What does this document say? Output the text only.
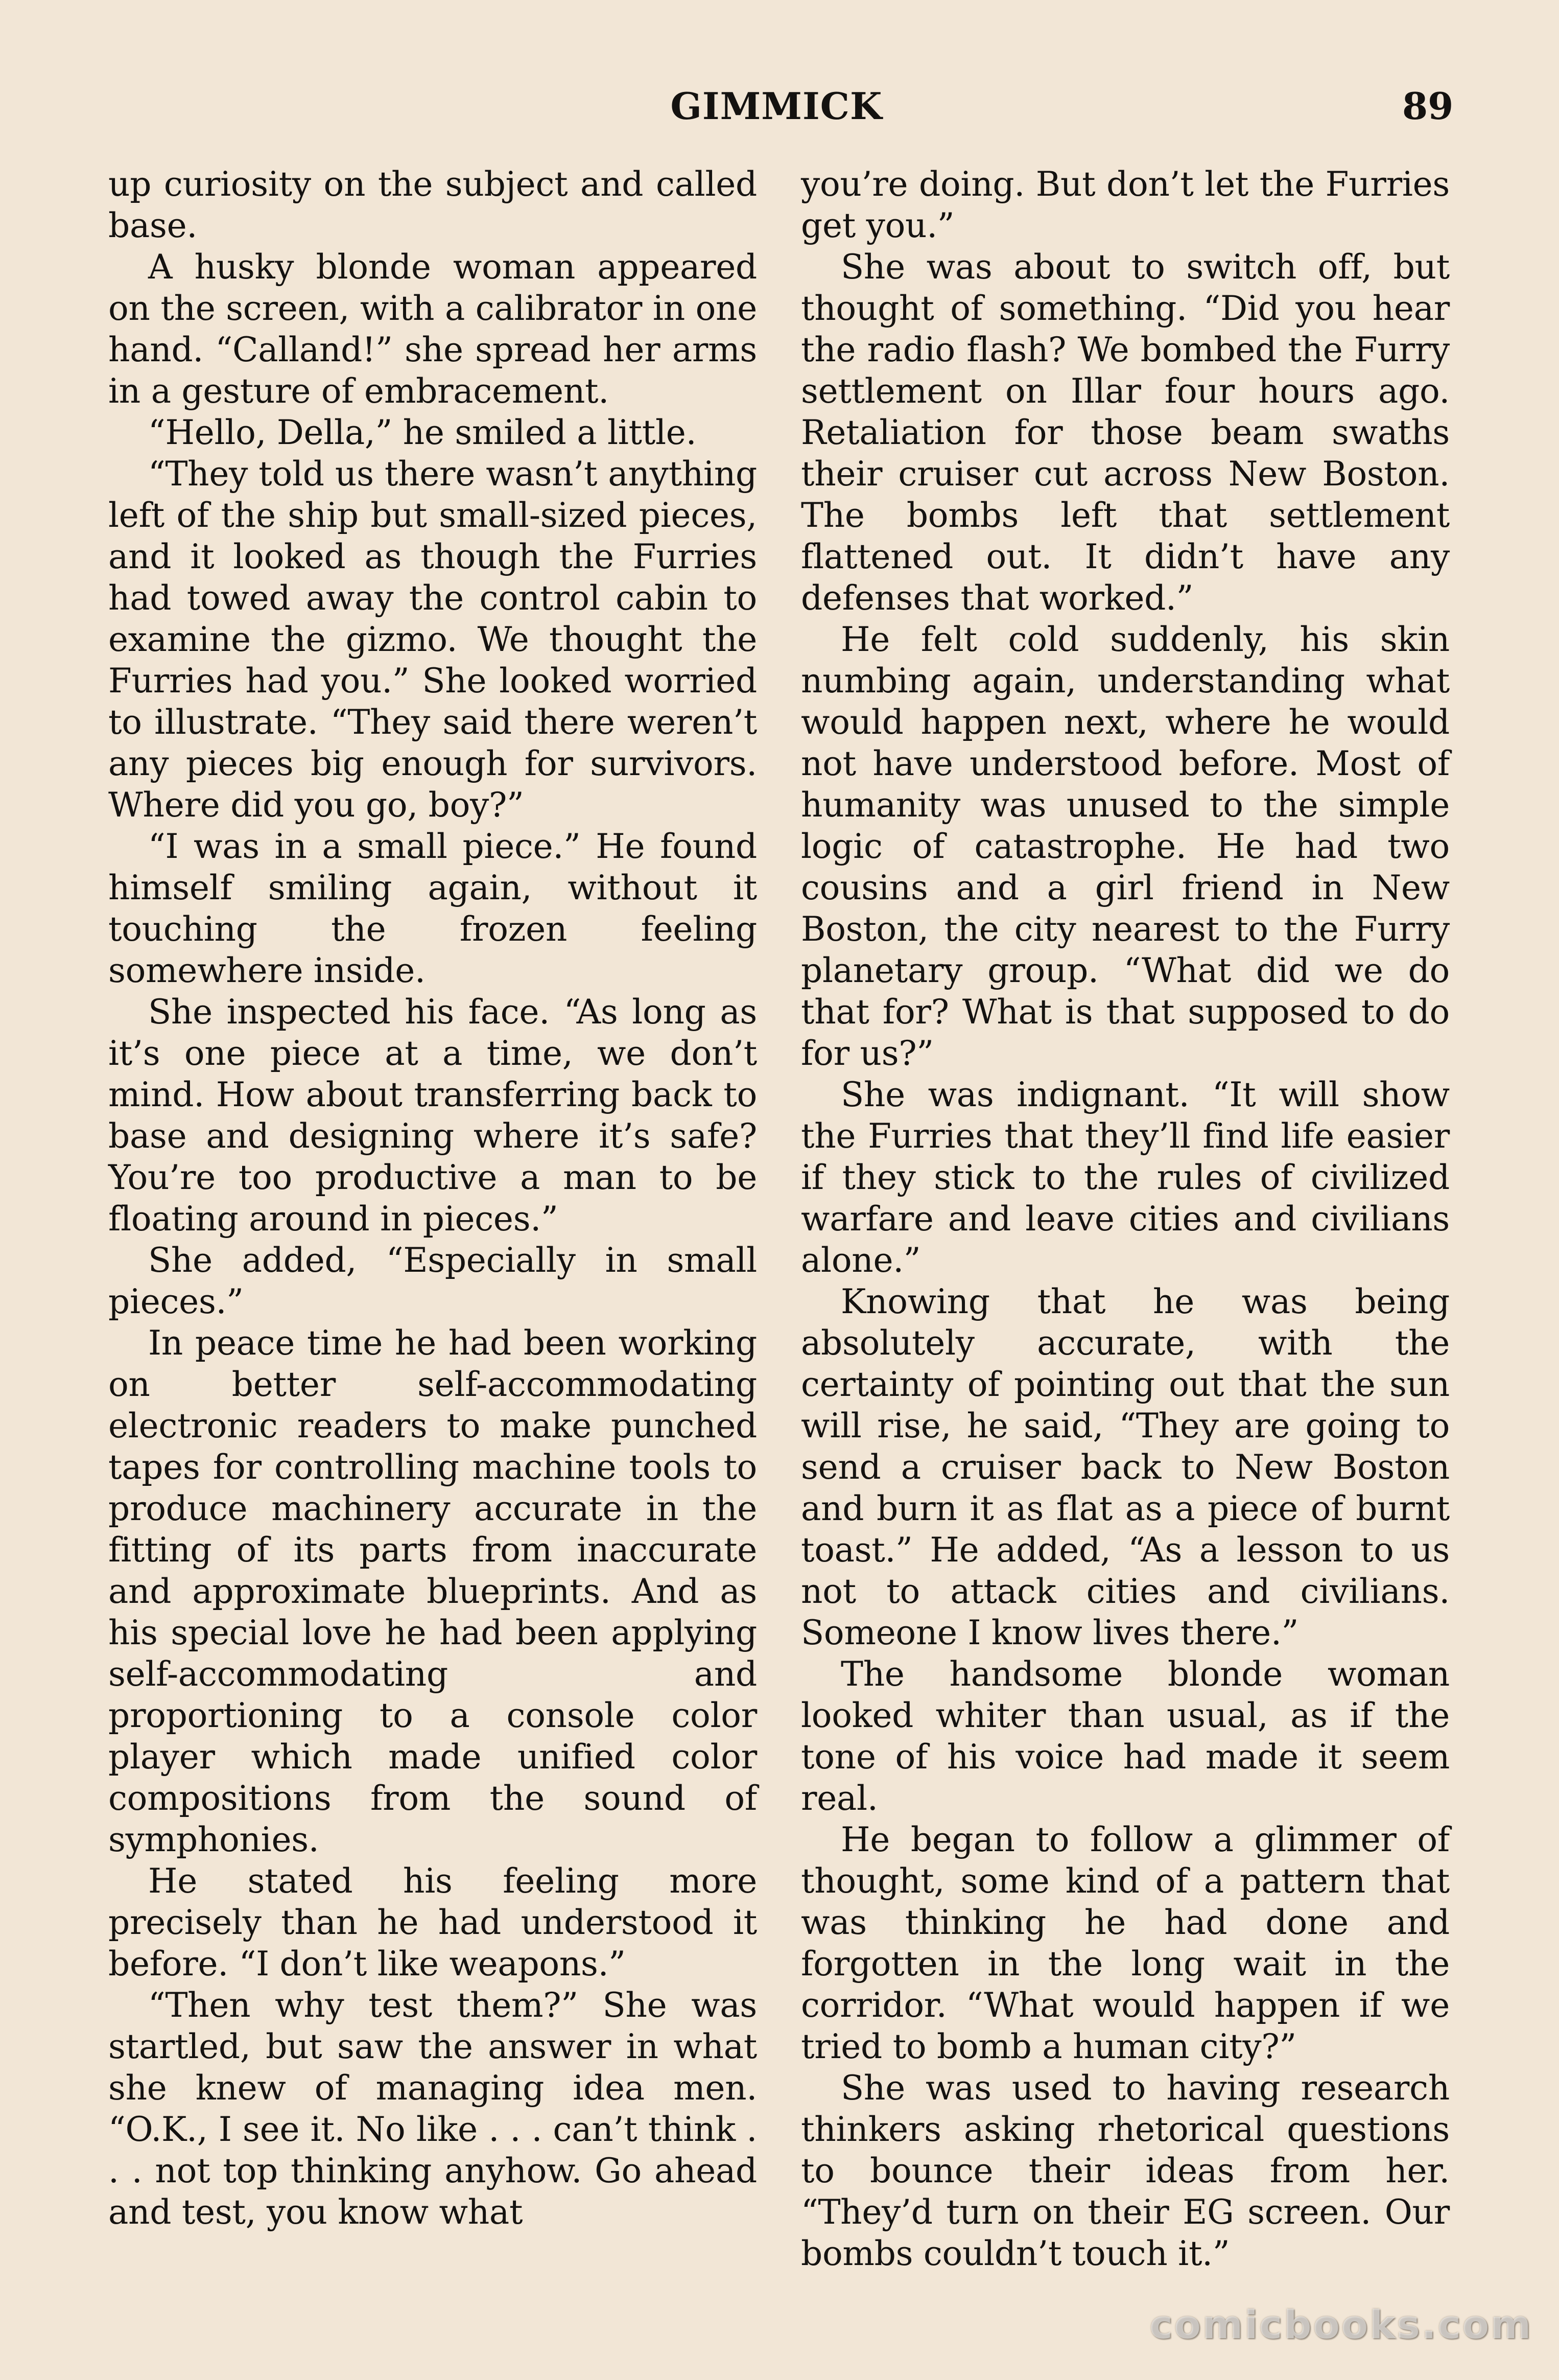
GIMMICK	89

up curiosity on the subject and called base.

A husky blonde woman appeared on the screen, with a calibrator in one hand. “Calland!” she spread her arms in a gesture of embracement.

“Hello, Della,” he smiled a little.

“They told us there wasn’t anything left of the ship but small-sized pieces, and it looked as though the Furries had towed away the control cabin to examine the gizmo. We thought the Furries had you.” She looked worried to illustrate. “They said there weren’t any pieces big enough for survivors. Where did you go, boy?”

“I was in a small piece.” He found himself smiling again, without it touching the frozen feeling somewhere inside.

She inspected his face. “As long as it’s one piece at a time, we don’t mind. How about transferring back to base and designing where it’s safe? You’re too productive a man to be floating around in pieces.”

She added, “Especially in small pieces.”

In peace time he had been working on better self-accommodating electronic readers to make punched tapes for controlling machine tools to produce machinery accurate in the fitting of its parts from inaccurate and approximate blueprints. And as his special love he had been applying self-accommodating and proportioning to a console color player which made unified color compositions from the sound of symphonies.

He stated his feeling more precisely than he had understood it before. “I don’t like weapons.”

“Then why test them?” She was startled, but saw the answer in what she knew of managing idea men. “O.K., I see it. No like . . . can’t think . . . not top thinking anyhow. Go ahead and test, you know what

you’re doing. But don’t let the Furries get you.”

She was about to switch off, but thought of something. “Did you hear the radio flash? We bombed the Furry settlement on Illar four hours ago. Retaliation for those beam swaths their cruiser cut across New Boston. The bombs left that settlement flattened out. It didn’t have any defenses that worked.”

He felt cold suddenly, his skin numbing again, understanding what would happen next, where he would not have understood before. Most of humanity was unused to the simple logic of catastrophe. He had two cousins and a girl friend in New Boston, the city nearest to the Furry planetary group. “What did we do that for? What is that supposed to do for us?”

She was indignant. “It will show the Furries that they’ll find life easier if they stick to the rules of civilized warfare and leave cities and civilians alone.”

Knowing that he was being absolutely accurate, with the certainty of pointing out that the sun will rise, he said, “They are going to send a cruiser back to New Boston and burn it as flat as a piece of burnt toast.” He added, “As a lesson to us not to attack cities and civilians. Someone I know lives there.”

The handsome blonde woman looked whiter than usual, as if the tone of his voice had made it seem real.

He began to follow a glimmer of thought, some kind of a pattern that was thinking he had done and forgotten in the long wait in the corridor. “What would happen if we tried to bomb a human city?”

She was used to having research thinkers asking rhetorical questions to bounce their ideas from her. “They’d turn on their EG screen. Our bombs couldn’t touch it.”

comicbooks.com
